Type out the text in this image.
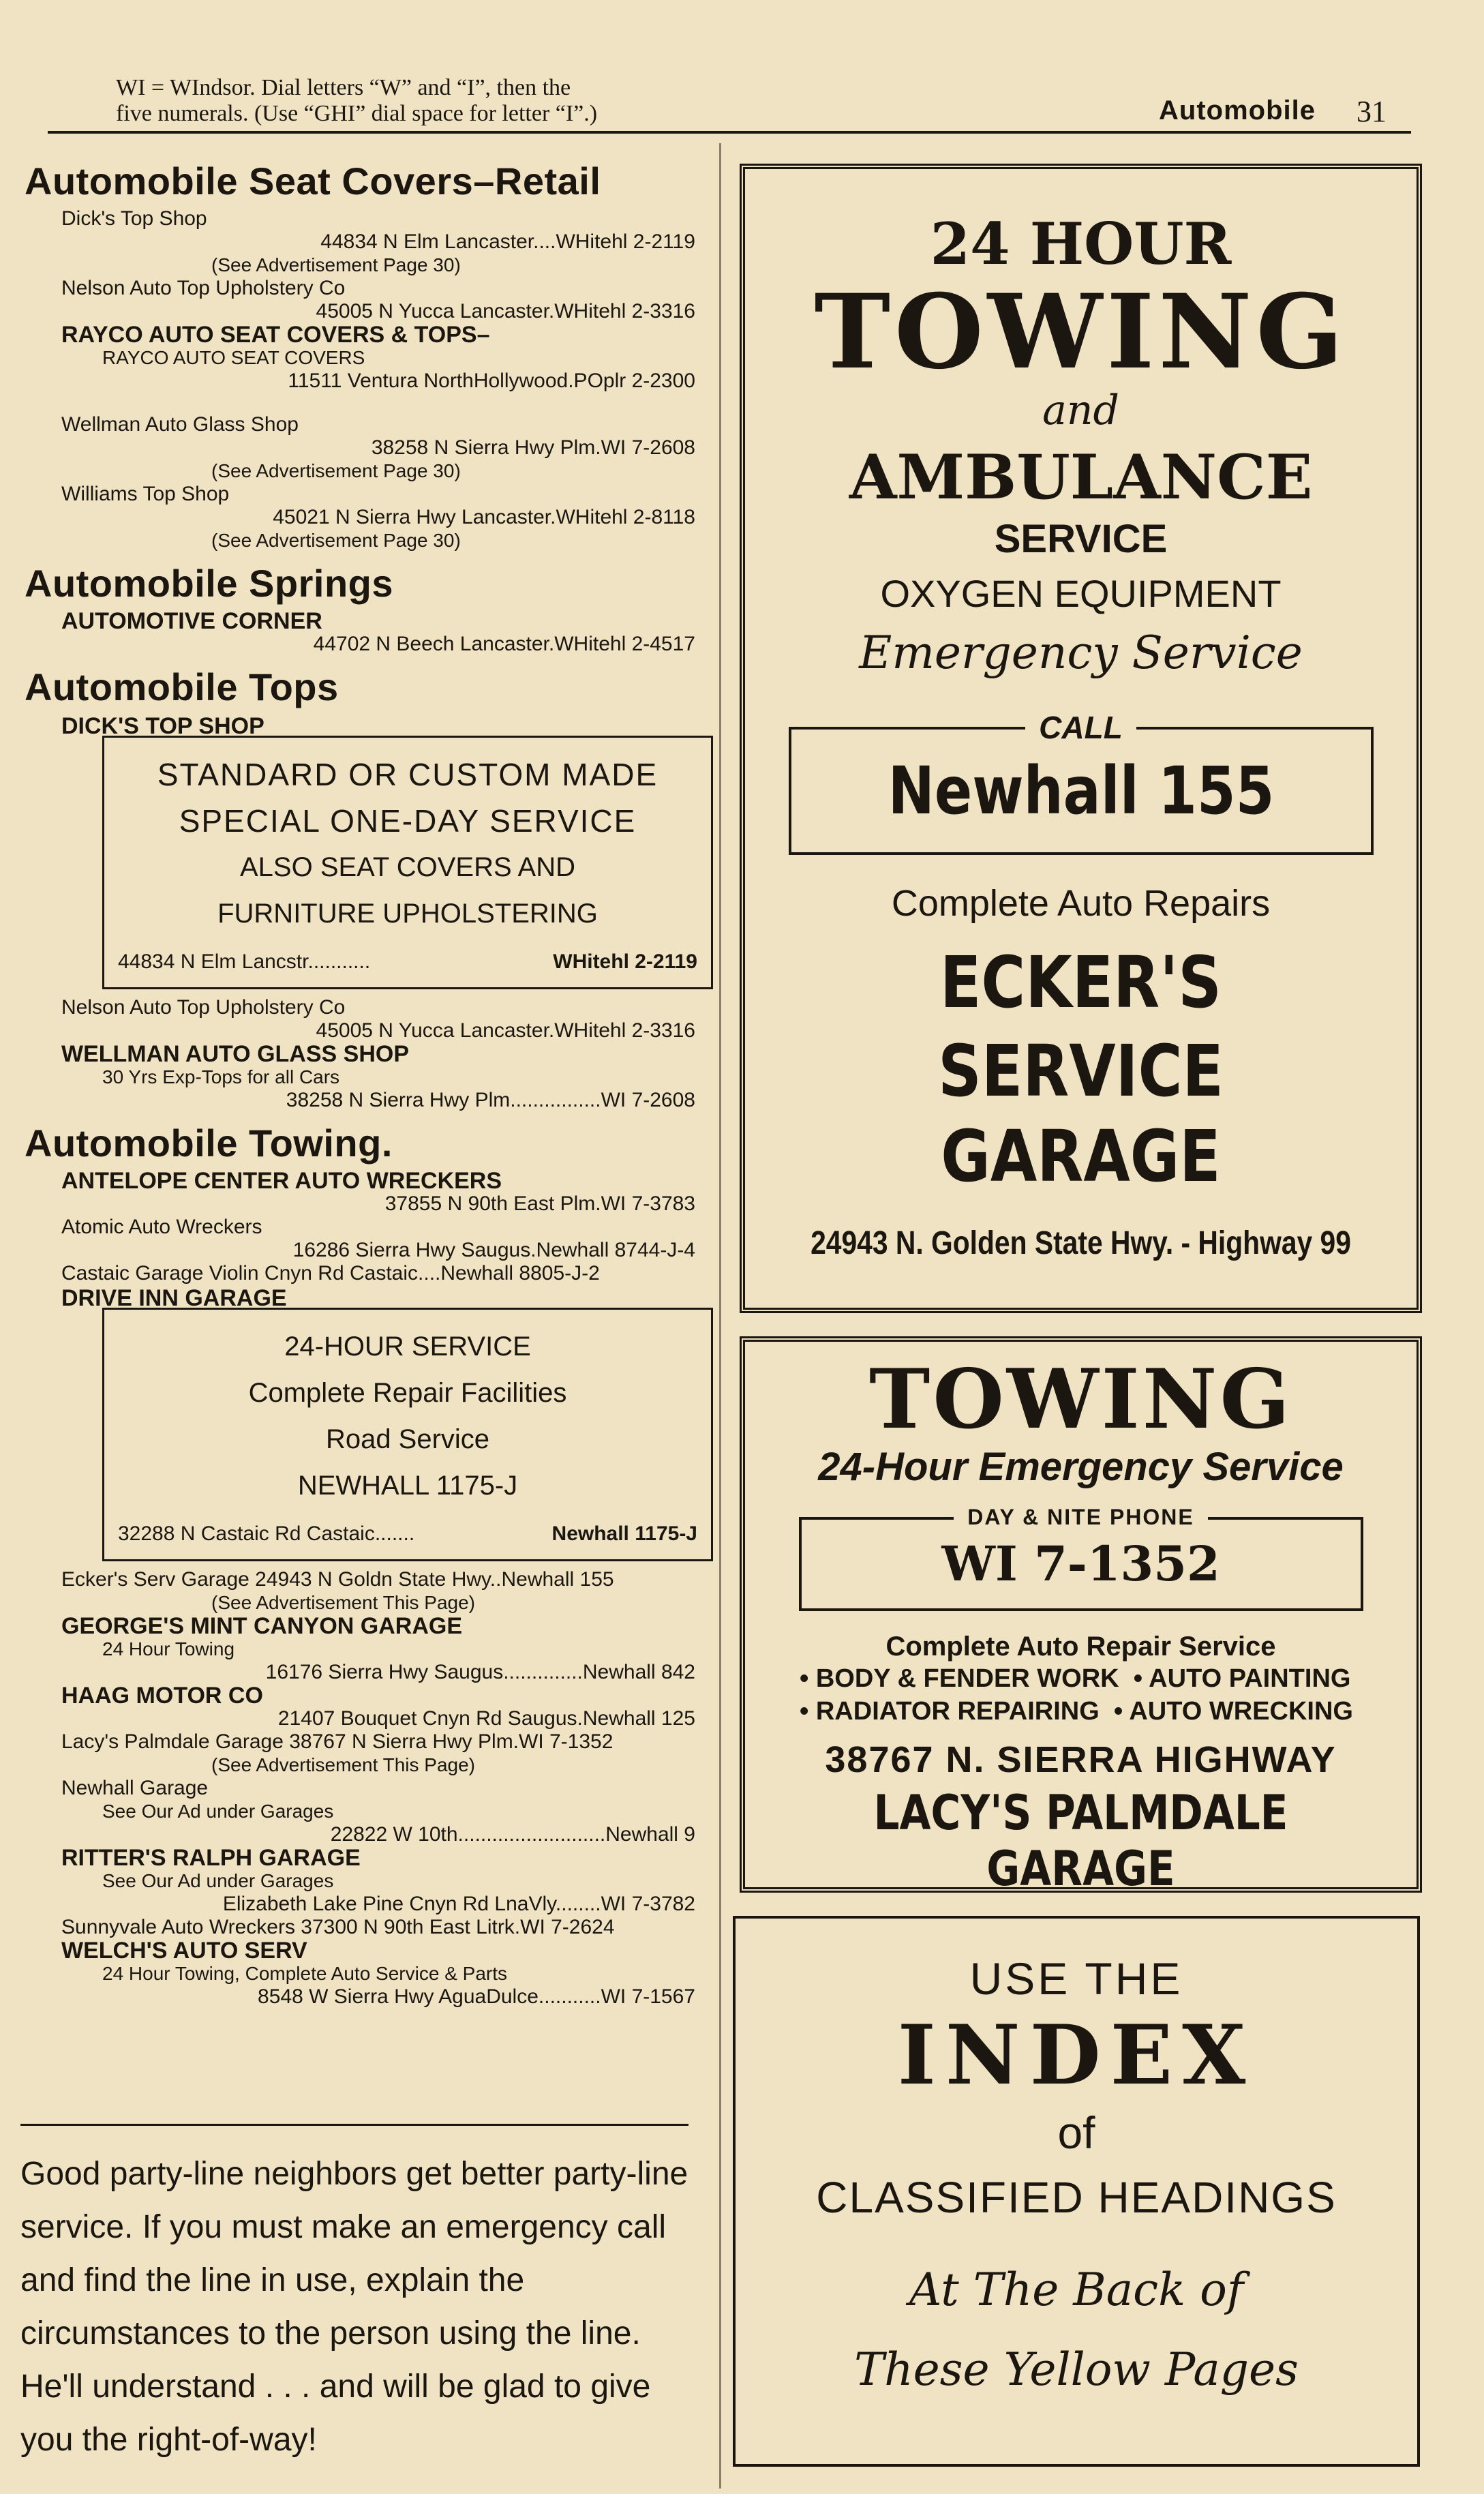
WI = WIndsor. Dial letters “W” and “I”, then the
five numerals. (Use “GHI” dial space for letter “I”.)	Automobile 31
Automobile Seat Covers–Retail
Dick's Top Shop
44834 N Elm Lancaster....WHitehl 2-2119
(See Advertisement Page 30)
Nelson Auto Top Upholstery Co
45005 N Yucca Lancaster.WHitehl 2-3316
RAYCO AUTO SEAT COVERS & TOPS–
RAYCO AUTO SEAT COVERS
11511 Ventura NorthHollywood.POplr 2-2300
Wellman Auto Glass Shop
38258 N Sierra Hwy Plm.WI 7-2608
(See Advertisement Page 30)
Williams Top Shop
45021 N Sierra Hwy Lancaster.WHitehl 2-8118
(See Advertisement Page 30)
Automobile Springs
AUTOMOTIVE CORNER
44702 N Beech Lancaster.WHitehl 2-4517
Automobile Tops
DICK'S TOP SHOP
STANDARD OR CUSTOM MADE
SPECIAL ONE-DAY SERVICE
ALSO SEAT COVERS AND
FURNITURE UPHOLSTERING
44834 N Elm Lancstr...........	WHitehl 2-2119
Nelson Auto Top Upholstery Co
45005 N Yucca Lancaster.WHitehl 2-3316
WELLMAN AUTO GLASS SHOP
30 Yrs Exp-Tops for all Cars
38258 N Sierra Hwy Plm................WI 7-2608
Automobile Towing.
ANTELOPE CENTER AUTO WRECKERS
37855 N 90th East Plm.WI 7-3783
Atomic Auto Wreckers
16286 Sierra Hwy Saugus.Newhall 8744-J-4
Castaic Garage Violin Cnyn Rd Castaic....Newhall 8805-J-2
DRIVE INN GARAGE
24-HOUR SERVICE
Complete Repair Facilities
Road Service
NEWHALL 1175-J
32288 N Castaic Rd Castaic.......	Newhall 1175-J
Ecker's Serv Garage 24943 N Goldn State Hwy..Newhall 155
(See Advertisement This Page)
GEORGE'S MINT CANYON GARAGE
24 Hour Towing
16176 Sierra Hwy Saugus..............Newhall 842
HAAG MOTOR CO
21407 Bouquet Cnyn Rd Saugus.Newhall 125
Lacy's Palmdale Garage 38767 N Sierra Hwy Plm.WI 7-1352
(See Advertisement This Page)
Newhall Garage
See Our Ad under Garages
22822 W 10th..........................Newhall 9
RITTER'S RALPH GARAGE
See Our Ad under Garages
Elizabeth Lake Pine Cnyn Rd LnaVly........WI 7-3782
Sunnyvale Auto Wreckers 37300 N 90th East Litrk.WI 7-2624
WELCH'S AUTO SERV
24 Hour Towing, Complete Auto Service & Parts
8548 W Sierra Hwy AguaDulce...........WI 7-1567
Good party-line neighbors get better party-line service. If you must make an emergency call and find the line in use, explain the circumstances to the person using the line. He'll understand . . . and will be glad to give you the right-of-way!
24 HOUR
TOWING
and
AMBULANCE
SERVICE
OXYGEN EQUIPMENT
Emergency Service
CALL
Newhall 155
Complete Auto Repairs
ECKER'S SERVICE
GARAGE
24943 N. Golden State Hwy. - Highway 99
TOWING
24-Hour Emergency Service
DAY & NITE PHONE
WI 7-1352
Complete Auto Repair Service
• BODY & FENDER WORK  • AUTO PAINTING
• RADIATOR REPAIRING  • AUTO WRECKING
38767 N. SIERRA HIGHWAY
LACY'S PALMDALE GARAGE
USE THE
INDEX
of
CLASSIFIED HEADINGS
At The Back of
These Yellow Pages
